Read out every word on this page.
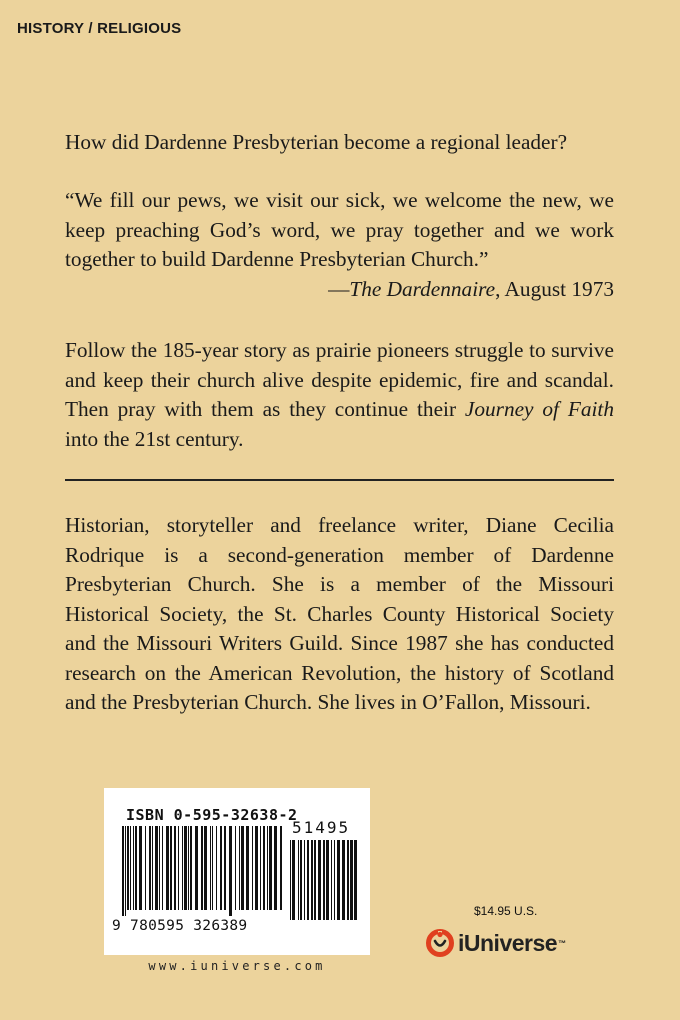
HISTORY / RELIGIOUS
How did Dardenne Presbyterian become a regional leader?
“We fill our pews, we visit our sick, we welcome the new, we keep preaching God’s word, we pray together and we work together to build Dardenne Presbyterian Church.”
—The Dardennaire, August 1973
Follow the 185-year story as prairie pioneers struggle to survive and keep their church alive despite epidemic, fire and scandal. Then pray with them as they continue their Journey of Faith into the 21st century.
Historian, storyteller and freelance writer, Diane Cecilia Rodrique is a second-generation member of Dardenne Presbyterian Church. She is a member of the Missouri Historical Society, the St. Charles County Historical Society and the Missouri Writers Guild. Since 1987 she has conducted research on the American Revolution, the history of Scotland and the Presbyterian Church. She lives in O’Fallon, Missouri.
ISBN 0-595-32638-2
51495
9 780595 326389
www.iuniverse.com
$14.95 U.S.
iUniverse ™
